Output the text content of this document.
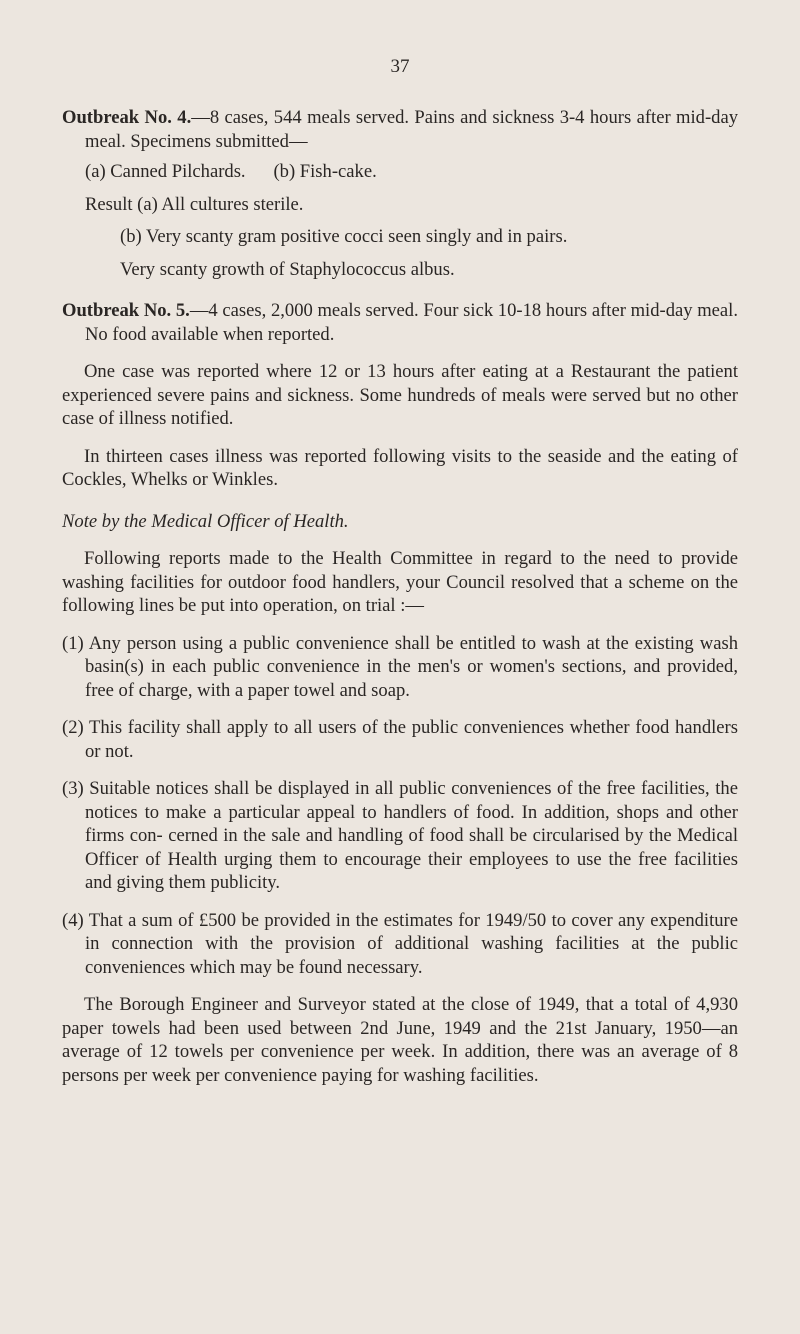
37

Outbreak No. 4.—8 cases, 544 meals served. Pains and sickness 3-4 hours after mid-day meal. Specimens submitted—

(a) Canned Pilchards.      (b) Fish-cake.

Result (a) All cultures sterile.

(b) Very scanty gram positive cocci seen singly and in pairs.

Very scanty growth of Staphylococcus albus.

Outbreak No. 5.—4 cases, 2,000 meals served. Four sick 10-18 hours after mid-day meal. No food available when reported.

One case was reported where 12 or 13 hours after eating at a Restaurant the patient experienced severe pains and sickness. Some hundreds of meals were served but no other case of illness notified.

In thirteen cases illness was reported following visits to the seaside and the eating of Cockles, Whelks or Winkles.

Note by the Medical Officer of Health.

Following reports made to the Health Committee in regard to the need to provide washing facilities for outdoor food handlers, your Council resolved that a scheme on the following lines be put into operation, on trial :—

(1) Any person using a public convenience shall be entitled to wash at the existing wash basin(s) in each public convenience in the men's or women's sections, and provided, free of charge, with a paper towel and soap.

(2) This facility shall apply to all users of the public conveniences whether food handlers or not.

(3) Suitable notices shall be displayed in all public conveniences of the free facilities, the notices to make a particular appeal to handlers of food. In addition, shops and other firms con- cerned in the sale and handling of food shall be circularised by the Medical Officer of Health urging them to encourage their employees to use the free facilities and giving them publicity.

(4) That a sum of £500 be provided in the estimates for 1949/50 to cover any expenditure in connection with the provision of additional washing facilities at the public conveniences which may be found necessary.

The Borough Engineer and Surveyor stated at the close of 1949, that a total of 4,930 paper towels had been used between 2nd June, 1949 and the 21st January, 1950—an average of 12 towels per convenience per week. In addition, there was an average of 8 persons per week per convenience paying for washing facilities.
